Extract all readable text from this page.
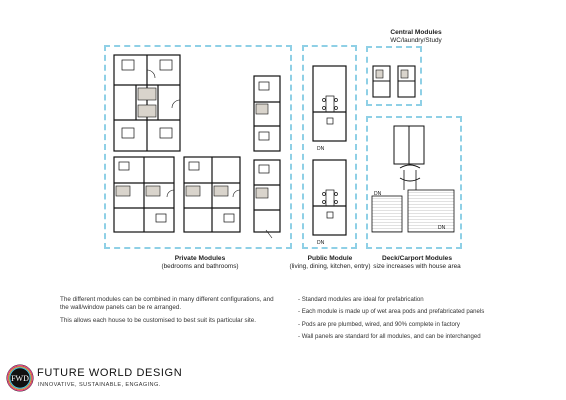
DN
DN
DN
DN
Private Modules
(bedrooms and bathrooms)
Public Module
(living, dining, kitchen, entry)
Central Modules
WC/laundry/Study
Deck/Carport Modules
size increases with house area

The different modules can be combined in many different configurations, and the wall/window panels can be re arranged.

This allows each house to be customised to best suit its particular site.

- Standard modules are ideal for prefabrication
- Each module is made up of wet area pods and prefabricated panels
- Pods are pre plumbed, wired, and 90% complete in factory
- Wall panels are standard for all modules, and can be interchanged
FWD FUTURE WORLD DESIGN
INNOVATIVE, SUSTAINABLE, ENGAGING.
